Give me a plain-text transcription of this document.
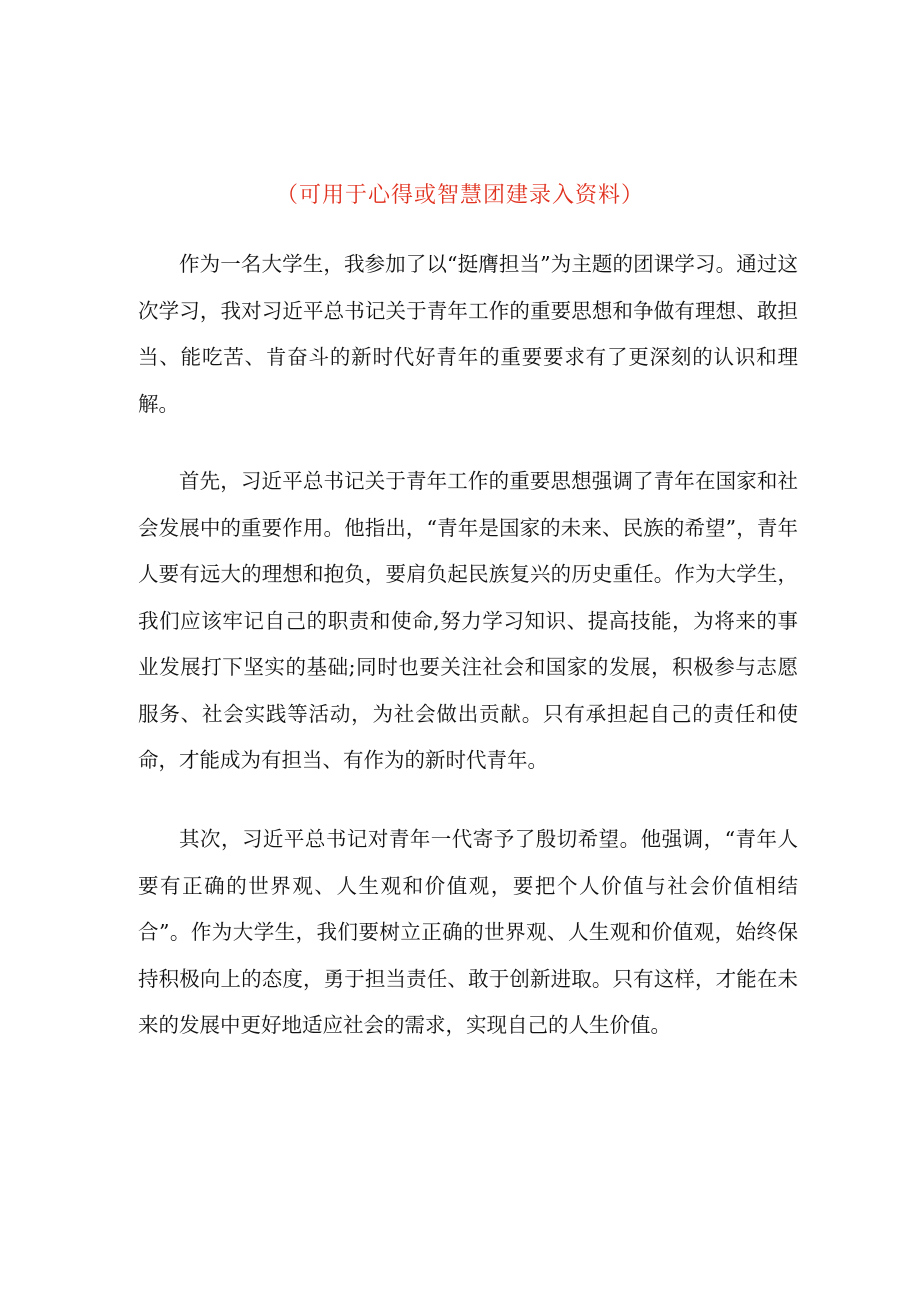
（可用于心得或智慧团建录入资料）

作为一名大学生，我参加了以“挺膺担当”为主题的团课学习。通过这次学习，我对习近平总书记关于青年工作的重要思想和争做有理想、敢担当、能吃苦、肯奋斗的新时代好青年的重要要求有了更深刻的认识和理解。

首先，习近平总书记关于青年工作的重要思想强调了青年在国家和社会发展中的重要作用。他指出，“青年是国家的未来、民族的希望”，青年人要有远大的理想和抱负，要肩负起民族复兴的历史重任。作为大学生，我们应该牢记自己的职责和使命,努力学习知识、提高技能，为将来的事业发展打下坚实的基础;同时也要关注社会和国家的发展，积极参与志愿服务、社会实践等活动，为社会做出贡献。只有承担起自己的责任和使命，才能成为有担当、有作为的新时代青年。

其次，习近平总书记对青年一代寄予了殷切希望。他强调，“青年人要有正确的世界观、人生观和价值观，要把个人价值与社会价值相结合”。作为大学生，我们要树立正确的世界观、人生观和价值观，始终保持积极向上的态度，勇于担当责任、敢于创新进取。只有这样，才能在未来的发展中更好地适应社会的需求，实现自己的人生价值。
